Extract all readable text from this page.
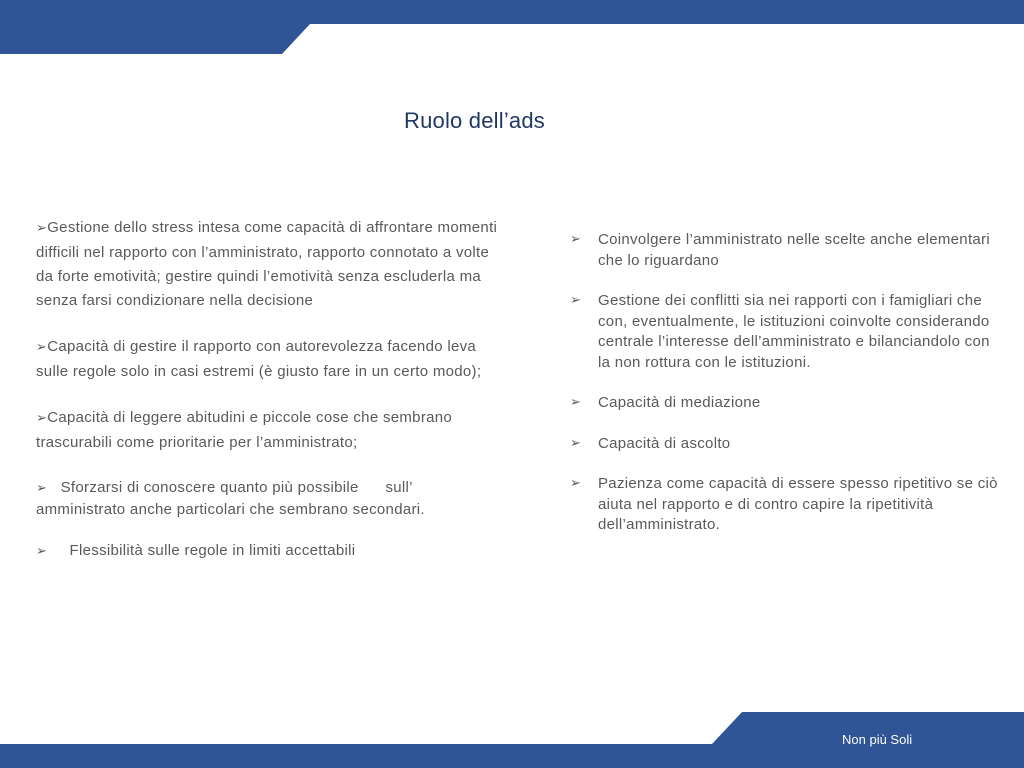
Ruolo dell’ads

➢Gestione dello stress intesa come capacità di affrontare momenti difficili nel rapporto con l’amministrato, rapporto connotato a volte da forte emotività; gestire quindi l’emotività senza escluderla ma senza farsi condizionare nella decisione

➢Capacità di gestire il rapporto con autorevolezza facendo leva sulle regole solo in casi estremi (è giusto fare in un certo modo);

➢Capacità di leggere abitudini e piccole cose che sembrano trascurabili come prioritarie per l’amministrato;

➢ Sforzarsi di conoscere quanto più possibile      sull’ amministrato anche particolari che sembrano secondari.

➢ Flessibilità sulle regole in limiti accettabili

➢ Coinvolgere l’amministrato nelle scelte anche elementari che lo riguardano
➢ Gestione dei conflitti sia nei rapporti con i famigliari che con, eventualmente, le istituzioni coinvolte considerando centrale l’interesse dell’amministrato e bilanciandolo con la non rottura con le istituzioni.
➢ Capacità di mediazione
➢ Capacità di ascolto
➢ Pazienza come capacità di essere spesso ripetitivo se ciò aiuta nel rapporto e di contro capire la ripetitività dell’amministrato.
Non più Soli
